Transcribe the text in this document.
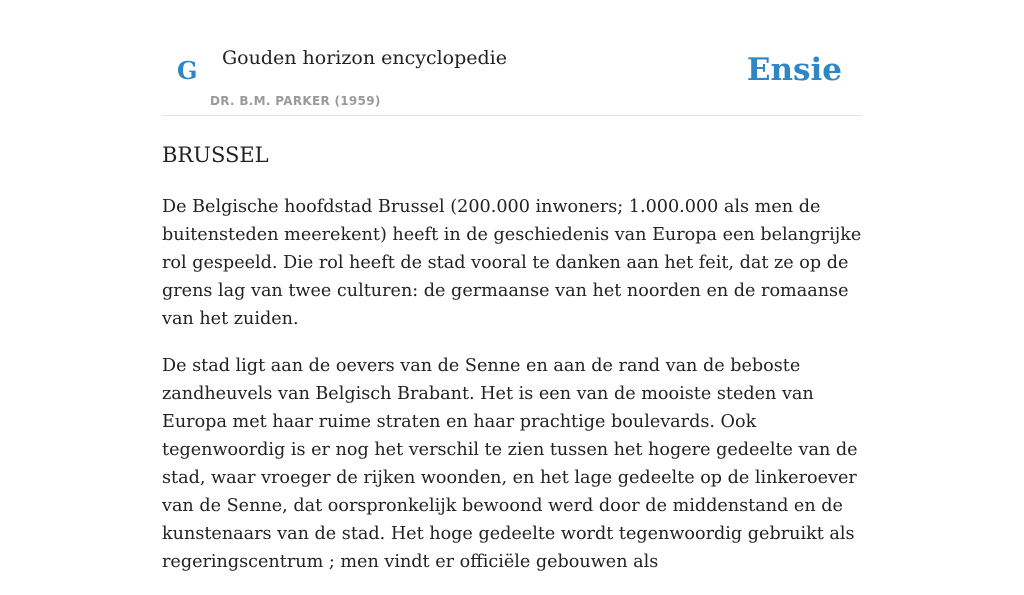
G Gouden horizon encyclopedie
DR. B.M. PARKER (1959)
Ensie
BRUSSEL

De Belgische hoofdstad Brussel (200.000 inwoners; 1.000.000 als men de buitensteden meerekent) heeft in de geschiedenis van Europa een belangrijke rol gespeeld. Die rol heeft de stad vooral te danken aan het feit, dat ze op de grens lag van twee culturen: de germaanse van het noorden en de romaanse van het zuiden.

De stad ligt aan de oevers van de Senne en aan de rand van de beboste zandheuvels van Belgisch Brabant. Het is een van de mooiste steden van Europa met haar ruime straten en haar prachtige boulevards. Ook tegenwoordig is er nog het verschil te zien tussen het hogere gedeelte van de stad, waar vroeger de rijken woonden, en het lage gedeelte op de linkeroever van de Senne, dat oorspronkelijk bewoond werd door de middenstand en de kunstenaars van de stad. Het hoge gedeelte wordt tegenwoordig gebruikt als regeringscentrum ; men vindt er officiële gebouwen als
